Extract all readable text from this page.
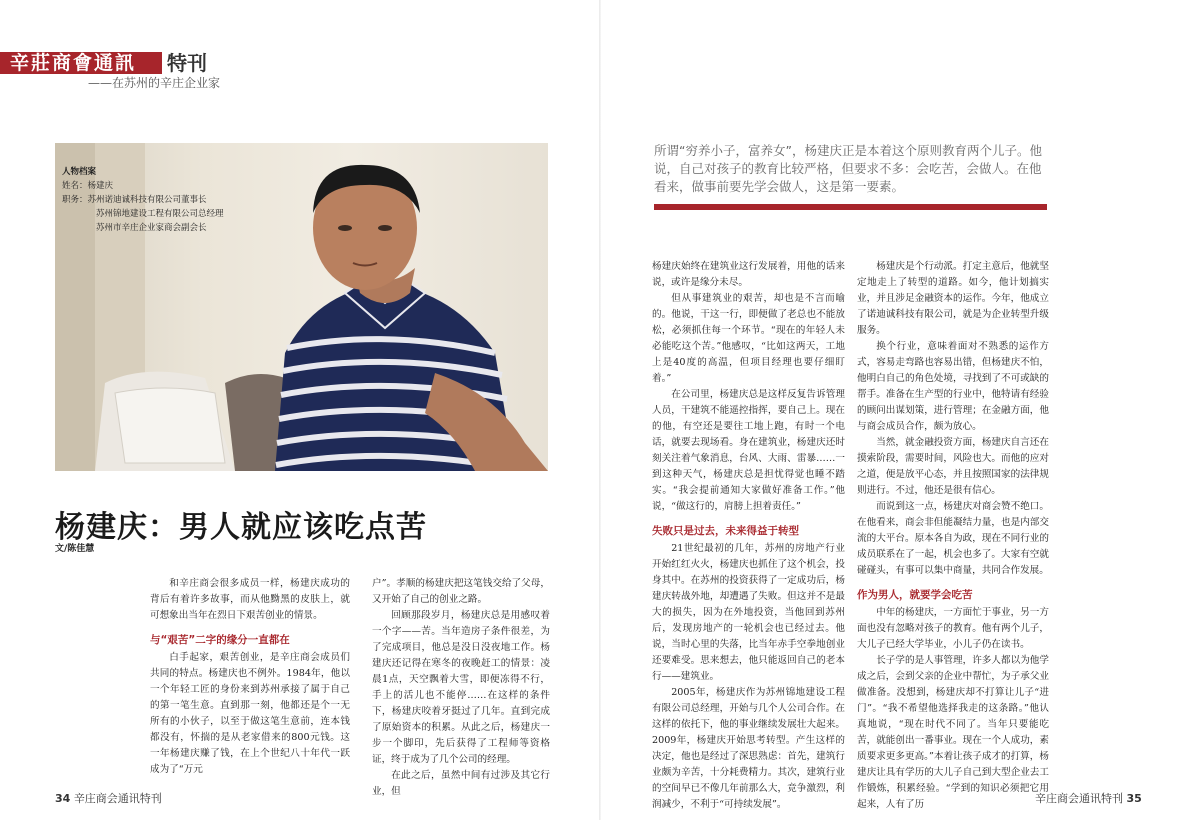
辛莊商會通訊 特刊
——在苏州的辛庄企业家
人物档案
姓名：杨建庆
职务：苏州诺迪诚科技有限公司董事长
苏州锦地建设工程有限公司总经理
苏州市辛庄企业家商会副会长
杨建庆：男人就应该吃点苦
文/陈佳慧

和辛庄商会很多成员一样，杨建庆成功的背后有着许多故事，而从他黝黑的皮肤上，就可想象出当年在烈日下艰苦创业的情景。

与“艰苦”二字的缘分一直都在

白手起家，艰苦创业，是辛庄商会成员们共同的特点。杨建庆也不例外。1984年，他以一个年轻工匠的身份来到苏州承接了属于自己的第一笔生意。直到那一刻，他都还是个一无所有的小伙子，以至于做这笔生意前，连本钱都没有，怀揣的是从老家借来的800元钱。这一年杨建庆赚了钱，在上个世纪八十年代一跃成为了“万元

户”。孝顺的杨建庆把这笔钱交给了父母，又开始了自己的创业之路。

回顾那段岁月，杨建庆总是用感叹着一个字——苦。当年造房子条件很差，为了完成项目，他总是没日没夜地工作。杨建庆还记得在寒冬的夜晚赶工的情景：凌晨1点，天空飘着大雪，即便冻得不行，手上的活儿也不能停……在这样的条件下，杨建庆咬着牙挺过了几年。直到完成了原始资本的积累。从此之后，杨建庆一步一个脚印，先后获得了工程师等资格证，终于成为了几个公司的经理。

在此之后，虽然中间有过涉及其它行业，但

所谓“穷养小子，富养女”，杨建庆正是本着这个原则教育两个儿子。他说，自己对孩子的教育比较严格，但要求不多：会吃苦，会做人。在他看来，做事前要先学会做人，这是第一要素。

杨建庆始终在建筑业这行发展着，用他的话来说，或许是缘分未尽。

但从事建筑业的艰苦，却也是不言而喻的。他说，干这一行，即便做了老总也不能放松，必须抓住每一个环节。“现在的年轻人未必能吃这个苦。”他感叹，“比如这两天，工地上是40度的高温，但项目经理也要仔细盯着。”

在公司里，杨建庆总是这样反复告诉管理人员，干建筑不能遥控指挥，要自己上。现在的他，有空还是要往工地上跑，有时一个电话，就要去现场看。身在建筑业，杨建庆还时刻关注着气象消息，台风、大雨、雷暴……一到这种天气，杨建庆总是担忧得觉也睡不踏实。“我会提前通知大家做好准备工作。”他说，“做这行的，肩膀上担着责任。”

失败只是过去，未来得益于转型

21世纪最初的几年，苏州的房地产行业开始红红火火，杨建庆也抓住了这个机会，投身其中。在苏州的投资获得了一定成功后，杨建庆转战外地，却遭遇了失败。但这并不是最大的损失，因为在外地投资，当他回到苏州后，发现房地产的一轮机会也已经过去。他说，当时心里的失落，比当年赤手空拳地创业还要难受。思来想去，他只能返回自己的老本行——建筑业。

2005年，杨建庆作为苏州锦地建设工程有限公司总经理，开始与几个人公司合作。在这样的依托下，他的事业继续发展壮大起来。2009年，杨建庆开始思考转型。产生这样的决定，他也是经过了深思熟虑：首先，建筑行业颇为辛苦，十分耗费精力。其次，建筑行业的空间早已不像几年前那么大，竞争激烈，利润减少，不利于“可持续发展”。

杨建庆是个行动派。打定主意后，他就坚定地走上了转型的道路。如今，他计划搞实业，并且涉足金融资本的运作。今年，他成立了诺迪诚科技有限公司，就是为企业转型升级服务。

换个行业，意味着面对不熟悉的运作方式，容易走弯路也容易出错，但杨建庆不怕，他明白自己的角色处境，寻找到了不可或缺的帮手。准备在生产型的行业中，他特请有经验的顾问出谋划策，进行管理；在金融方面，他与商会成员合作，颇为放心。

当然，就金融投资方面，杨建庆自言还在摸索阶段，需要时间，风险也大。而他的应对之道，便是放平心态，并且按照国家的法律规则进行。不过，他还是很有信心。

而说到这一点，杨建庆对商会赞不绝口。在他看来，商会非但能凝结力量，也是内部交流的大平台。原本各自为政，现在不同行业的成员联系在了一起，机会也多了。大家有空就碰碰头，有事可以集中商量，共同合作发展。

作为男人，就要学会吃苦

中年的杨建庆，一方面忙于事业，另一方面也没有忽略对孩子的教育。他有两个儿子，大儿子已经大学毕业，小儿子仍在读书。

长子学的是人事管理，许多人都以为他学成之后，会到父亲的企业中帮忙，为子承父业做准备。没想到，杨建庆却不打算让儿子“进门”。“我不希望他选择我走的这条路。”他认真地说，“现在时代不同了。当年只要能吃苦，就能创出一番事业。现在一个人成功，素质要求更多更高。”本着让孩子成才的打算，杨建庆让具有学历的大儿子自己到大型企业去工作锻炼，积累经验。“学到的知识必须把它用起来，人有了历

34 辛庄商会通讯特刊	辛庄商会通讯特刊 35
